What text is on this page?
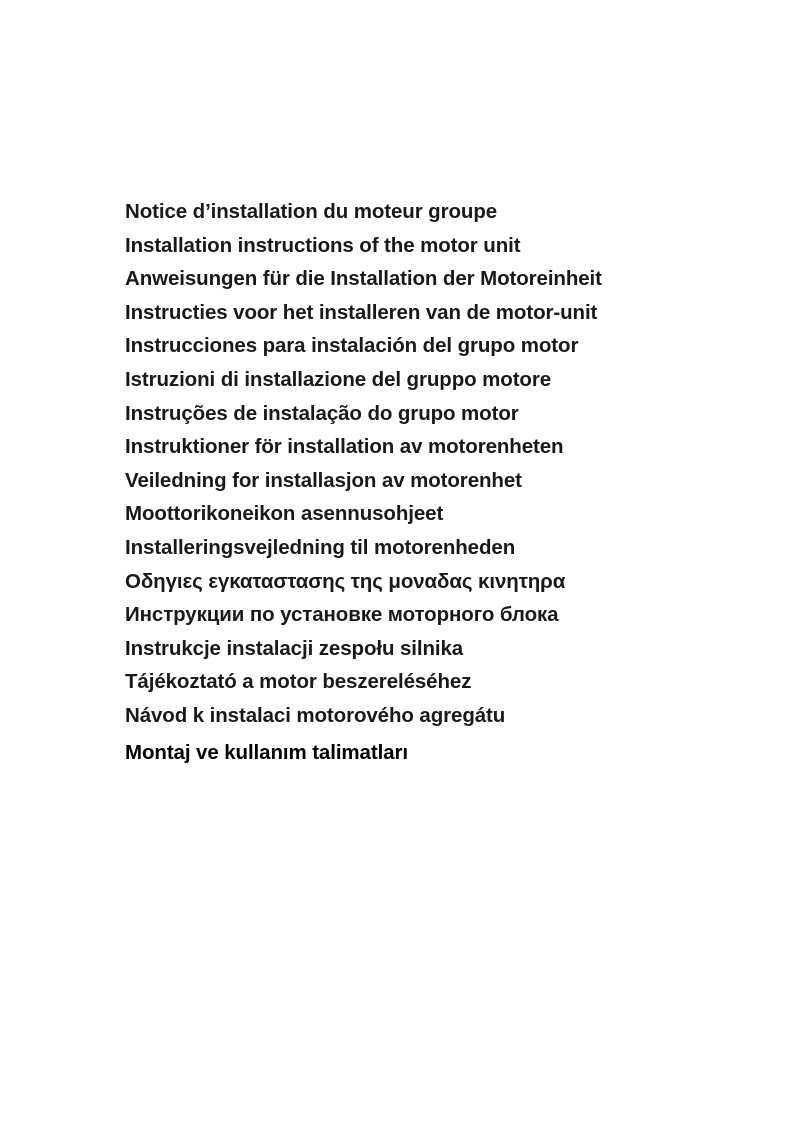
Notice d’installation du moteur groupe
Installation instructions of the motor unit
Anweisungen für die Installation der Motoreinheit
Instructies voor het installeren van de motor-unit
Instrucciones para instalación del grupo motor
Istruzioni di installazione del gruppo motore
Instruções de instalação do grupo motor
Instruktioner för installation av motorenheten
Veiledning for installasjon av motorenhet
Moottorikoneikon asennusohjeet
Installeringsvejledning til motorenheden
Οδηγιες εγκαταστασης της μοναδας κινητηρα
Инструкции по установке моторного блока
Instrukcje instalacji zespołu silnika
Tájékoztató a motor beszereléséhez
Návod k instalaci motorového agregátu
Montaj ve kullanım talimatları
